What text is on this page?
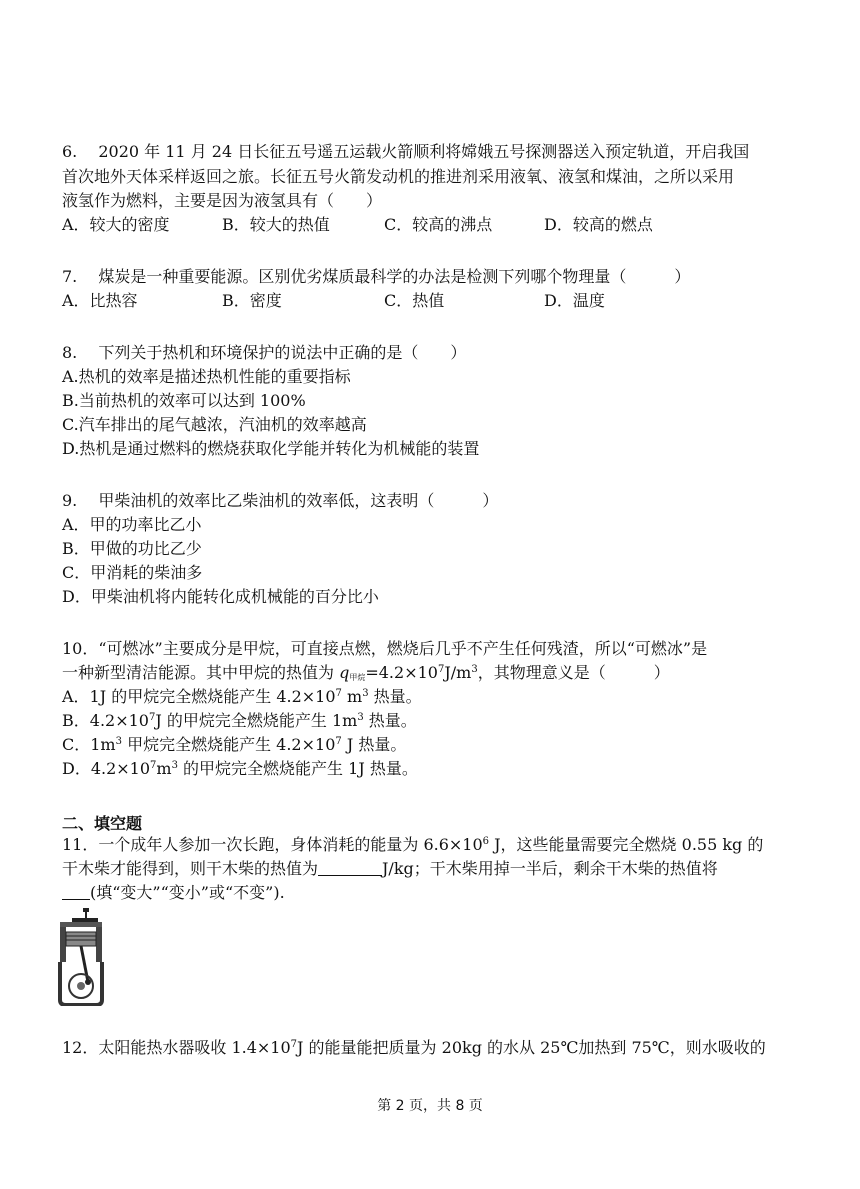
6.　 2020 年 11 月 24 日长征五号遥五运载火箭顺利将嫦娥五号探测器送入预定轨道，开启我国
首次地外天体采样返回之旅。长征五号火箭发动机的推进剂采用液氧、液氢和煤油，之所以采用
液氢作为燃料，主要是因为液氢具有（　　）
A．较大的密度	B．较大的热值	C．较高的沸点	D．较高的燃点
7.　 煤炭是一种重要能源。区别优劣煤质最科学的办法是检测下列哪个物理量（　　　）
A．比热容	B．密度	C．热值	D．温度
8.　 下列关于热机和环境保护的说法中正确的是（　　）
A.热机的效率是描述热机性能的重要指标
B.当前热机的效率可以达到 100%
C.汽车排出的尾气越浓，汽油机的效率越高
D.热机是通过燃料的燃烧获取化学能并转化为机械能的装置
9.　 甲柴油机的效率比乙柴油机的效率低，这表明（　　　）
A．甲的功率比乙小
B．甲做的功比乙少
C．甲消耗的柴油多
D．甲柴油机将内能转化成机械能的百分比小
10．“可燃冰”主要成分是甲烷，可直接点燃，燃烧后几乎不产生任何残渣，所以“可燃冰”是
一种新型清洁能源。其中甲烷的热值为 $q_{甲烷}=4.2\times 10^7J/m^3$，其物理意义是（　　　）
A．1J 的甲烷完全燃烧能产生 $4.2\times 10^7$ $m^3$ 热量。
B．$4.2\times 10^7J$ 的甲烷完全燃烧能产生 $1m^3$ 热量。
C．$1m^3$ 甲烷完全燃烧能产生 $4.2\times 10^7$ J 热量。
D．$4.2\times 10^7m^3$ 的甲烷完全燃烧能产生 1J 热量。
二、填空题
11．一个成年人参加一次长跑，身体消耗的能量为 $6.6\times 10^6$ J，这些能量需要完全燃烧 0.55 kg 的
干木柴才能得到，则干木柴的热值为	J/kg；干木柴用掉一半后，剩余干木柴的热值将
(填“变大”“变小”或“不变”).
12．太阳能热水器吸收 $1.4\times 10^7J$ 的能量能把质量为 20kg 的水从 25℃加热到 75℃，则水吸收的
第 2 页，共 8 页
